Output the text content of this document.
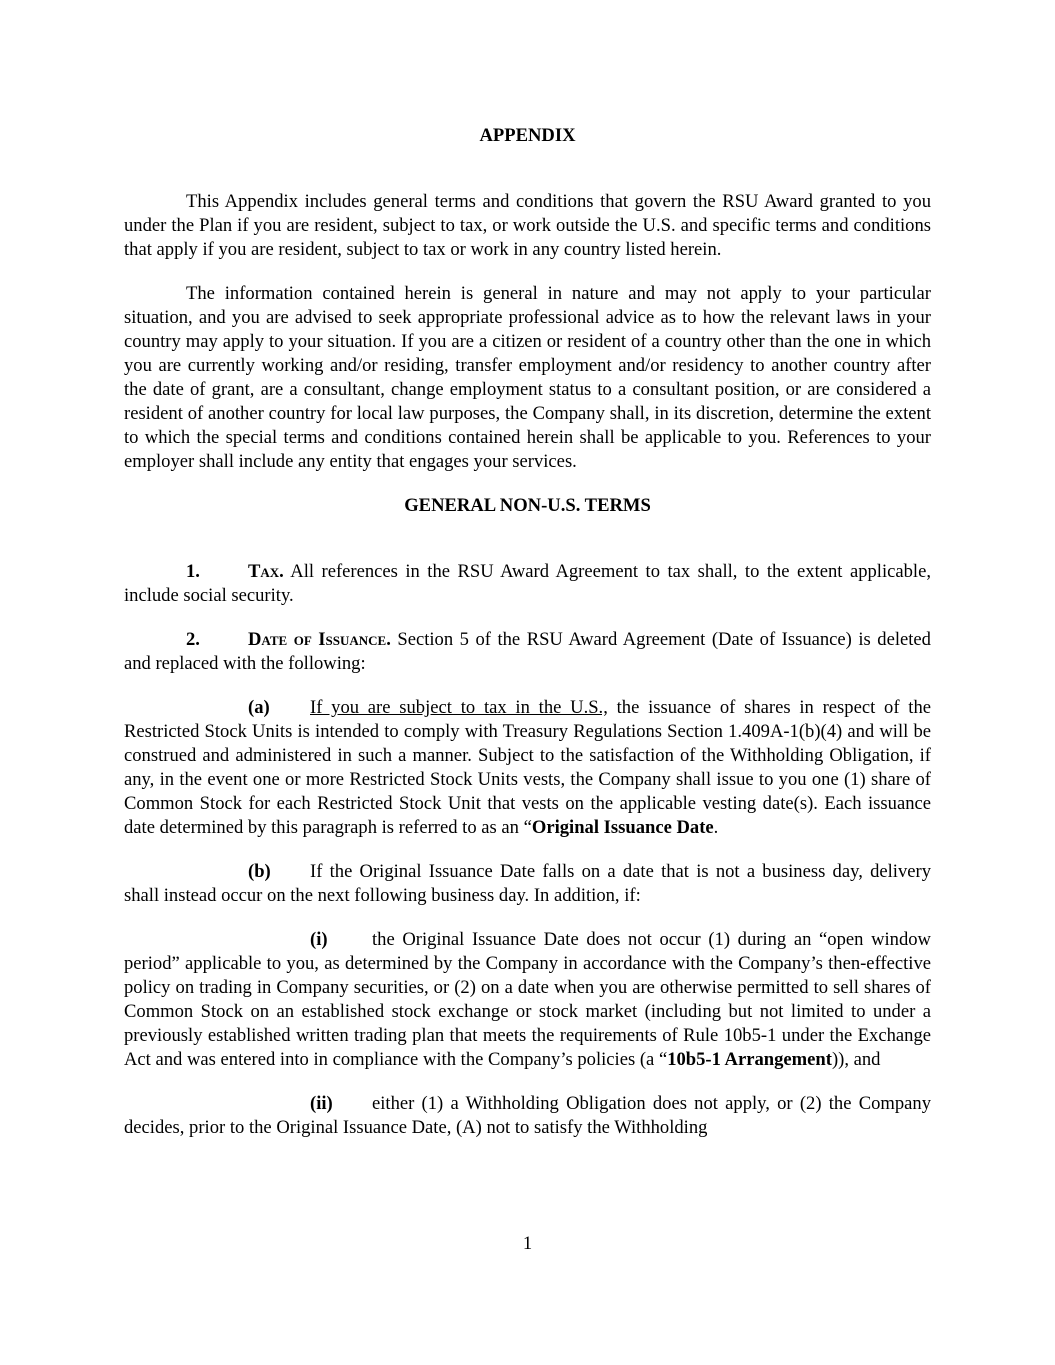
APPENDIX

This Appendix includes general terms and conditions that govern the RSU Award granted to you under the Plan if you are resident, subject to tax, or work outside the U.S. and specific terms and conditions that apply if you are resident, subject to tax or work in any country listed herein.

The information contained herein is general in nature and may not apply to your particular situation, and you are advised to seek appropriate professional advice as to how the relevant laws in your country may apply to your situation. If you are a citizen or resident of a country other than the one in which you are currently working and/or residing, transfer employment and/or residency to another country after the date of grant, are a consultant, change employment status to a consultant position, or are considered a resident of another country for local law purposes, the Company shall, in its discretion, determine the extent to which the special terms and conditions contained herein shall be applicable to you. References to your employer shall include any entity that engages your services.

GENERAL NON-U.S. TERMS

1.	Tax. All references in the RSU Award Agreement to tax shall, to the extent applicable, include social security.

2.	Date of Issuance. Section 5 of the RSU Award Agreement (Date of Issuance) is deleted and replaced with the following:

(a) If you are subject to tax in the U.S., the issuance of shares in respect of the Restricted Stock Units is intended to comply with Treasury Regulations Section 1.409A-1(b)(4) and will be construed and administered in such a manner. Subject to the satisfaction of the Withholding Obligation, if any, in the event one or more Restricted Stock Units vests, the Company shall issue to you one (1) share of Common Stock for each Restricted Stock Unit that vests on the applicable vesting date(s). Each issuance date determined by this paragraph is referred to as an “Original Issuance Date.

(b) If the Original Issuance Date falls on a date that is not a business day, delivery shall instead occur on the next following business day. In addition, if:

(i) the Original Issuance Date does not occur (1) during an “open window period” applicable to you, as determined by the Company in accordance with the Company’s then-effective policy on trading in Company securities, or (2) on a date when you are otherwise permitted to sell shares of Common Stock on an established stock exchange or stock market (including but not limited to under a previously established written trading plan that meets the requirements of Rule 10b5-1 under the Exchange Act and was entered into in compliance with the Company’s policies (a “10b5-1 Arrangement)), and

(ii) either (1) a Withholding Obligation does not apply, or (2) the Company decides, prior to the Original Issuance Date, (A) not to satisfy the Withholding

1
